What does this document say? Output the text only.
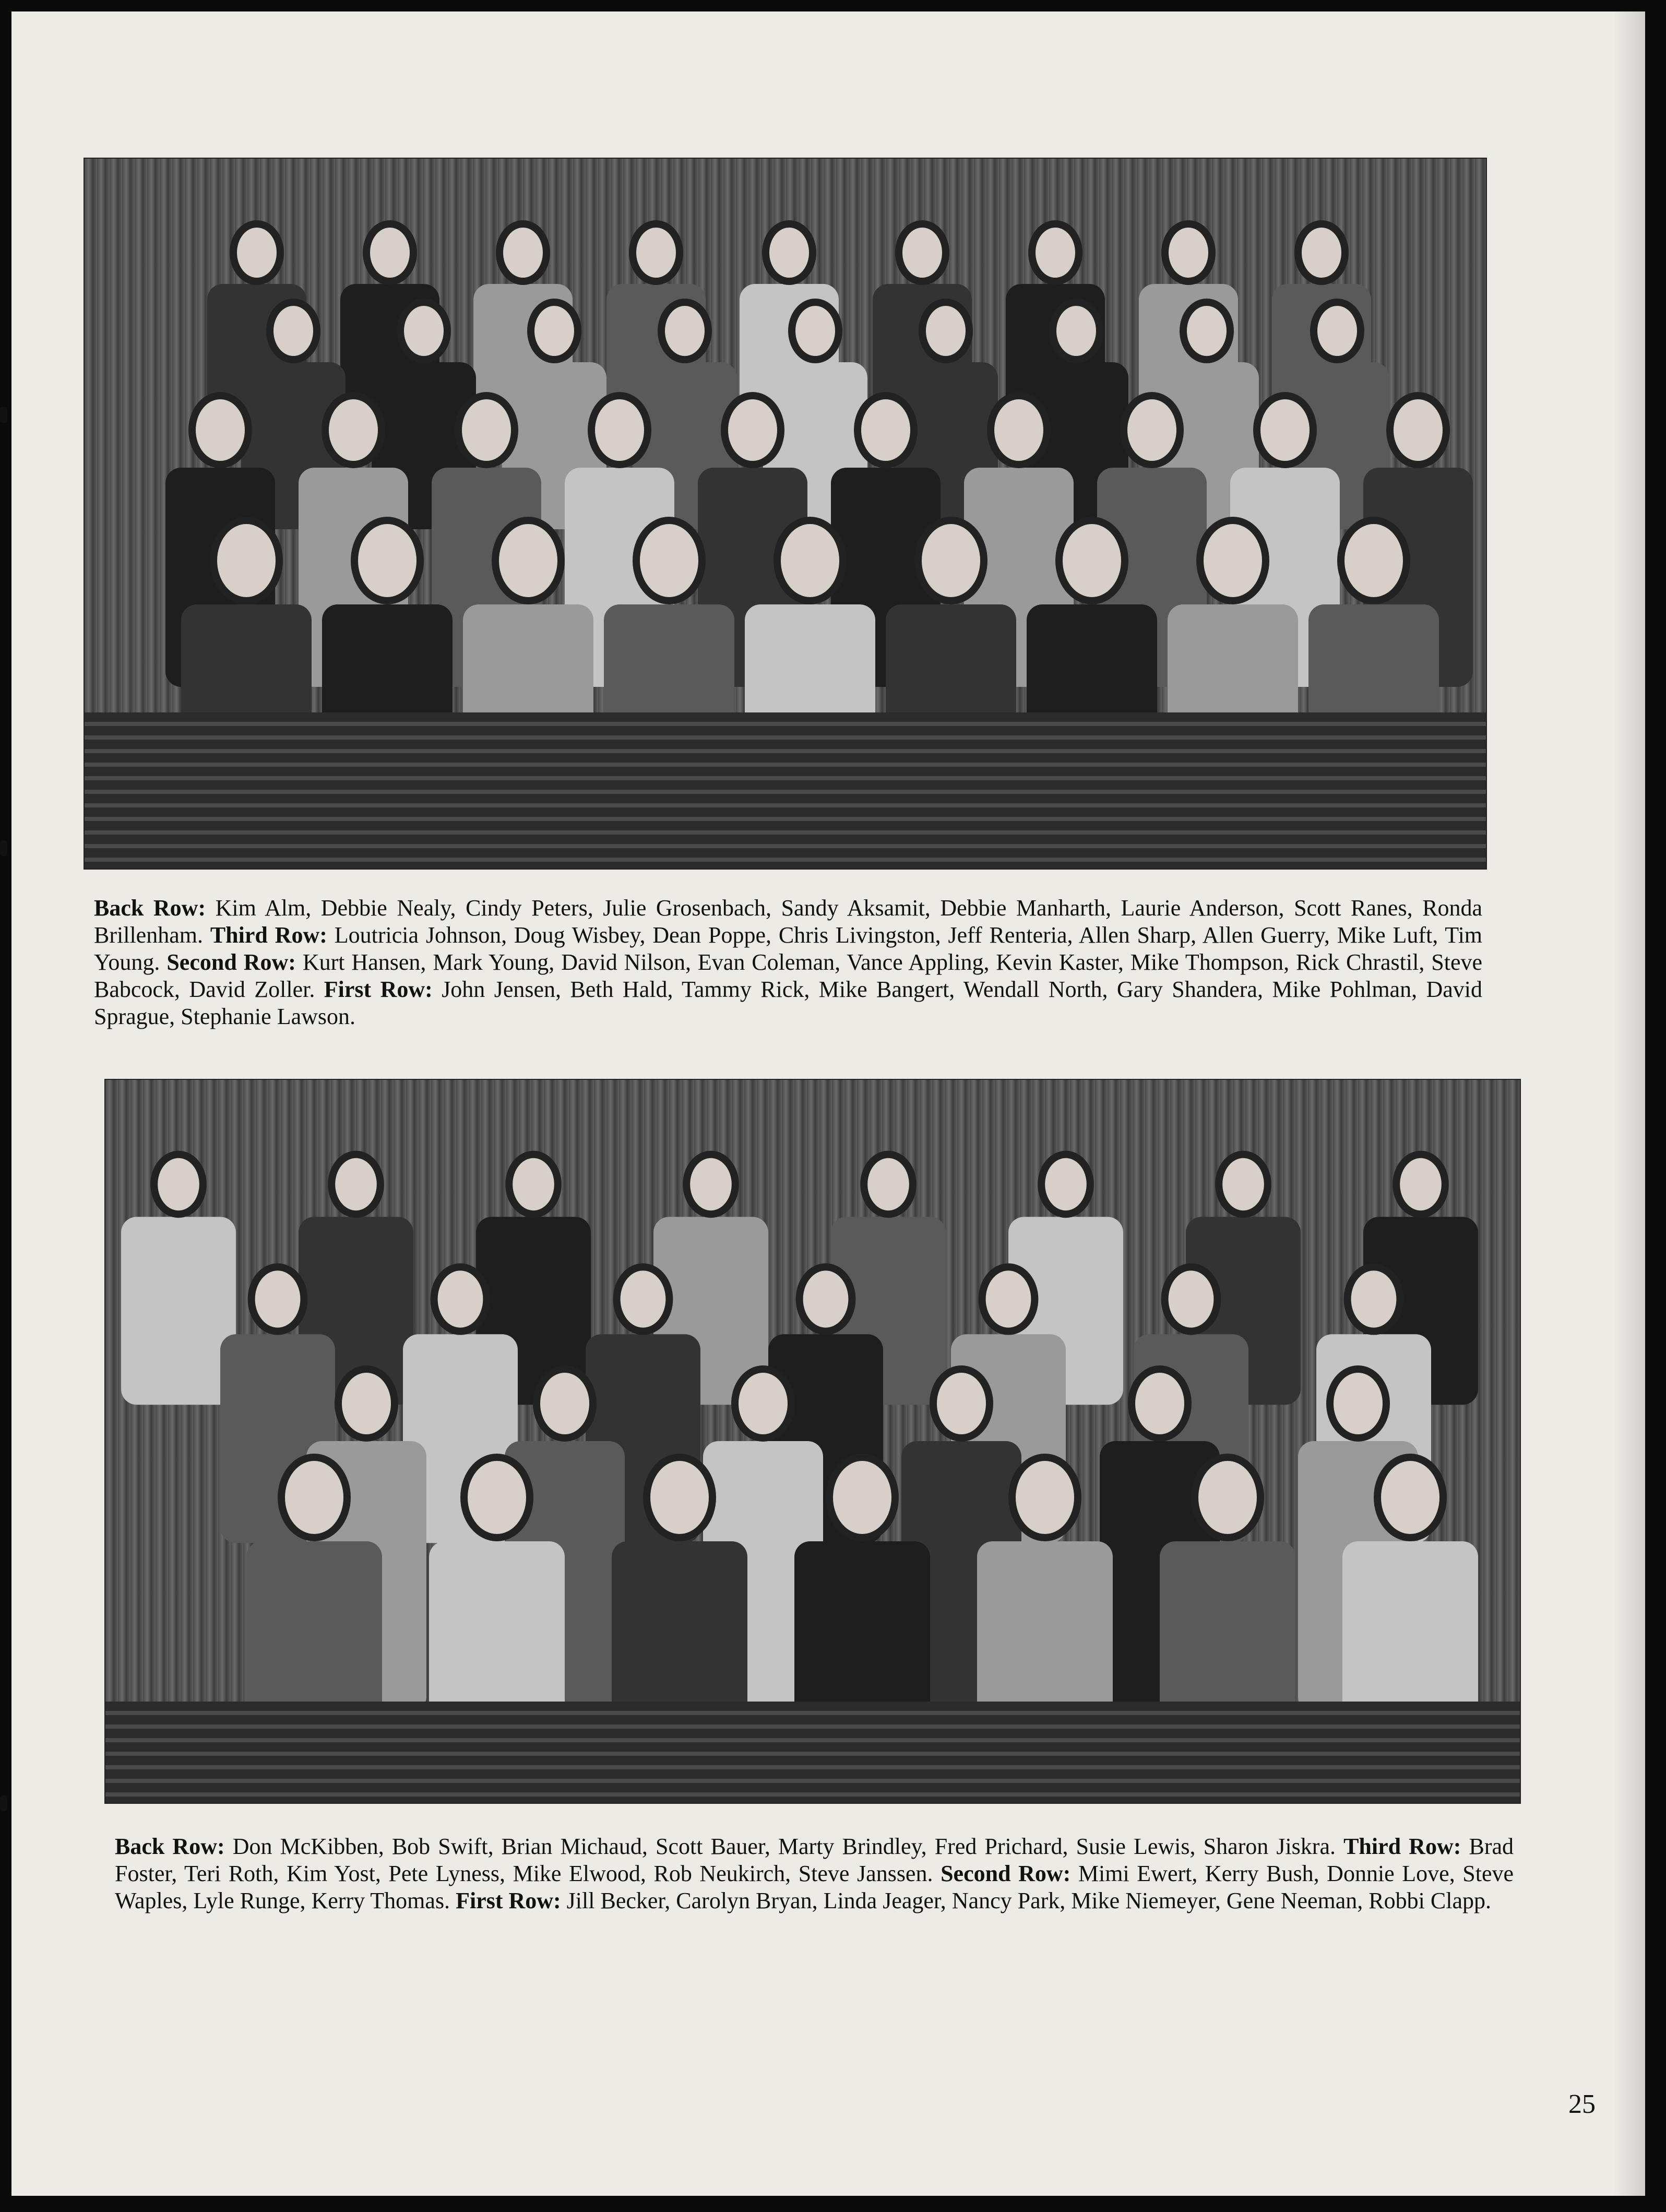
Back Row: Kim Alm, Debbie Nealy, Cindy Peters, Julie Grosenbach, Sandy Aksamit, Debbie Manharth, Laurie Anderson, Scott Ranes, Ronda Brillenham. Third Row: Loutricia Johnson, Doug Wisbey, Dean Poppe, Chris Livingston, Jeff Renteria, Allen Sharp, Allen Guerry, Mike Luft, Tim Young. Second Row: Kurt Hansen, Mark Young, David Nilson, Evan Coleman, Vance Appling, Kevin Kaster, Mike Thompson, Rick Chrastil, Steve Babcock, David Zoller. First Row: John Jensen, Beth Hald, Tammy Rick, Mike Bangert, Wendall North, Gary Shandera, Mike Pohlman, David Sprague, Stephanie Lawson.
Back Row: Don McKibben, Bob Swift, Brian Michaud, Scott Bauer, Marty Brindley, Fred Prichard, Susie Lewis, Sharon Jiskra. Third Row: Brad Foster, Teri Roth, Kim Yost, Pete Lyness, Mike Elwood, Rob Neukirch, Steve Janssen. Second Row: Mimi Ewert, Kerry Bush, Donnie Love, Steve Waples, Lyle Runge, Kerry Thomas. First Row: Jill Becker, Carolyn Bryan, Linda Jeager, Nancy Park, Mike Niemeyer, Gene Neeman, Robbi Clapp.
25
